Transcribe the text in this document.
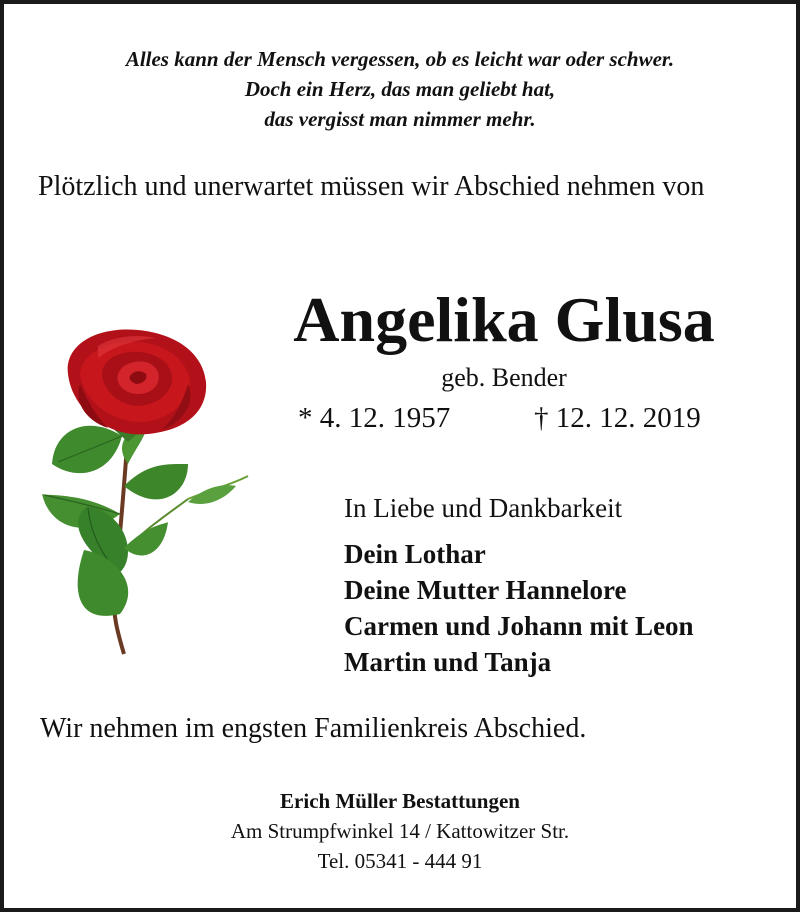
Alles kann der Mensch vergessen, ob es leicht war oder schwer.
Doch ein Herz, das man geliebt hat,
das vergisst man nimmer mehr.
Plötzlich und unerwartet müssen wir Abschied nehmen von
Angelika Glusa
geb. Bender
* 4. 12. 1957	† 12. 12. 2019
In Liebe und Dankbarkeit
Dein Lothar
Deine Mutter Hannelore
Carmen und Johann mit Leon
Martin und Tanja
Wir nehmen im engsten Familienkreis Abschied.
Erich Müller Bestattungen
Am Strumpfwinkel 14 / Kattowitzer Str.
Tel. 05341 - 444 91
